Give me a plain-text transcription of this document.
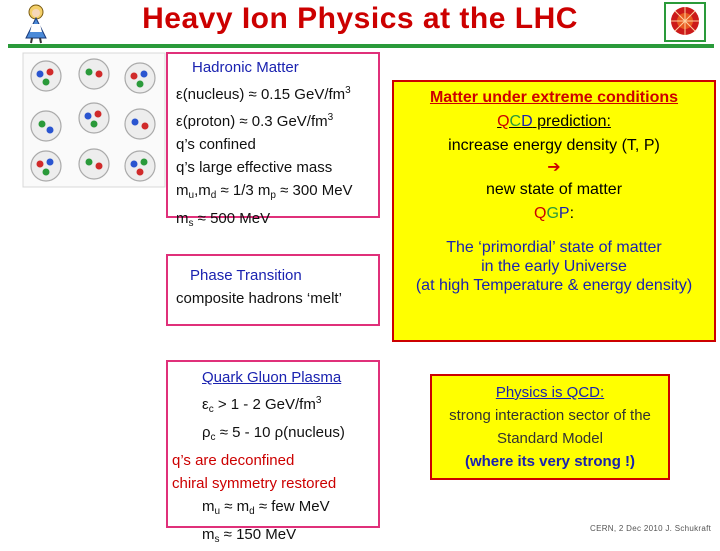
Heavy Ion Physics at the LHC
Hadronic Matter
ε(nucleus) ≈ 0.15 GeV/$fm^3$
ε(proton) ≈ 0.3 GeV/$fm^3$
q’s confined
q’s large effective mass
$m_u,m_d \approx 1/3$ $m_p \approx 300$ MeV
$m_s \approx 500$ MeV
Phase Transition
composite hadrons ‘melt’
Quark Gluon Plasma
$\varepsilon_c > 1 - 2$ GeV/$fm^3$
$\rho_c \approx 5 - 10$ ρ(nucleus)
q’s are deconfined
chiral symmetry restored
$m_u \approx m_d$ ≈ few MeV
$m_s \approx 150$ MeV
Matter under extreme conditions
QCD prediction:
increase energy density (T, P)
➔
new state of matter
QGP:
The ‘primordial’ state of matter
in the early Universe
(at high Temperature & energy density)
Physics is QCD:
strong interaction sector of the
Standard Model
(where its very strong !)
CERN, 2 Dec 2010 J. Schukraft
